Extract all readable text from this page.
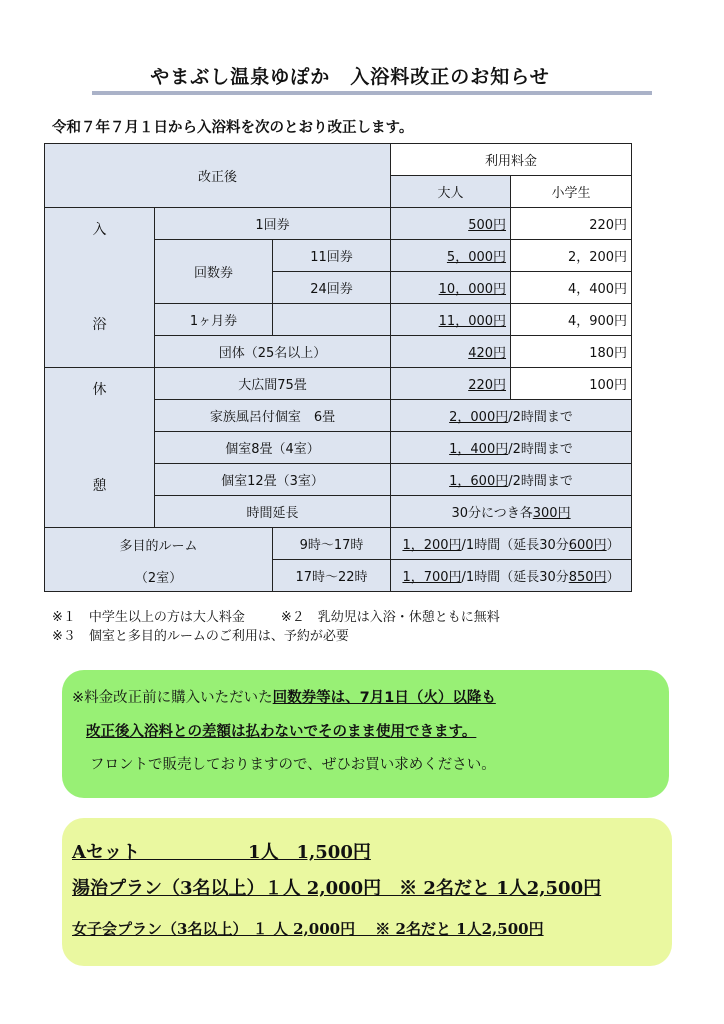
やまぶし温泉ゆぽか　入浴料改正のお知らせ
令和７年７月１日から入浴料を次のとおり改正します。
改正後			利用料金	
			大人	小学生

入
浴	1回券		500円	220円
	回数券	11回券	5，000円	2，200円
		24回券	10，000円	4，400円
	1ヶ月券		11，000円	4，900円
	団体（25名以上）		420円	180円

休
憩	大広間75畳		220円	100円
	家族風呂付個室　6畳		2，000円/2時間まで	
	個室8畳（4室）		1，400円/2時間まで	
	個室12畳（3室）		1，600円/2時間まで	
	時間延長		30分につき各300円	

多目的ルーム
（2室）		9時～17時	1，200円/1時間（延長30分600円）	
		17時～22時	1，700円/1時間（延長30分850円）	
※１　中学生以上の方は大人料金	※２　乳幼児は入浴・休憩ともに無料
※３　個室と多目的ルームのご利用は、予約が必要
※料金改正前に購入いただいた回数券等は、7月1日（火）以降も
改正後入浴料との差額は払わないでそのまま使用できます。
フロントで販売しておりますので、ぜひお買い求めください。
Aセット　　　　　　1人　1,500円
湯治プラン（3名以上）１人 2,000円　※ 2名だと 1人2,500円
女子会プラン（3名以上） １ 人 2,000円　 ※ 2名だと 1人2,500円
